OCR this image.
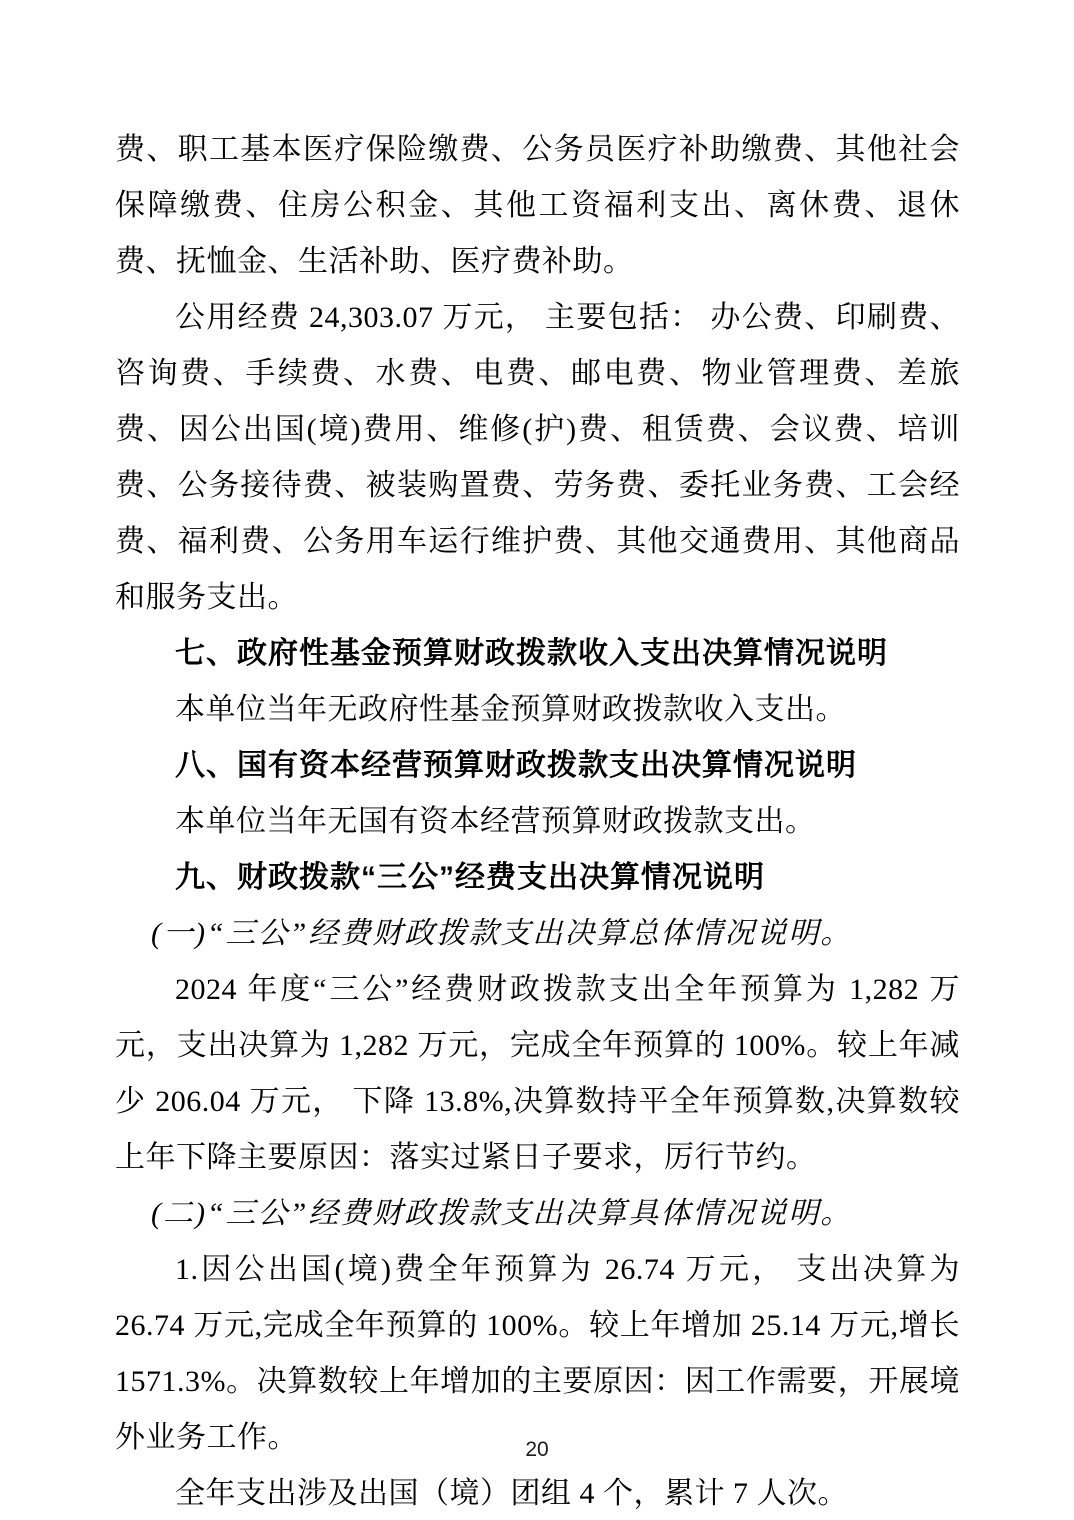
费、职工基本医疗保险缴费、公务员医疗补助缴费、其他社会保障缴费、住房公积金、其他工资福利支出、离休费、退休费、抚恤金、生活补助、医疗费补助。

公用经费 24,303.07 万元， 主要包括： 办公费、印刷费、咨询费、手续费、水费、电费、邮电费、物业管理费、差旅费、因公出国(境)费用、维修(护)费、租赁费、会议费、培训费、公务接待费、被装购置费、劳务费、委托业务费、工会经费、福利费、公务用车运行维护费、其他交通费用、其他商品和服务支出。

七、政府性基金预算财政拨款收入支出决算情况说明

本单位当年无政府性基金预算财政拨款收入支出。

八、国有资本经营预算财政拨款支出决算情况说明

本单位当年无国有资本经营预算财政拨款支出。

九、财政拨款“三公”经费支出决算情况说明

(一)“三公”经费财政拨款支出决算总体情况说明。

2024 年度“三公”经费财政拨款支出全年预算为 1,282 万元，支出决算为 1,282 万元，完成全年预算的 100%。较上年减少 206.04 万元， 下降 13.8%,决算数持平全年预算数,决算数较上年下降主要原因：落实过紧日子要求，厉行节约。

(二)“三公”经费财政拨款支出决算具体情况说明。

1.因公出国(境)费全年预算为 26.74 万元， 支出决算为 26.74 万元,完成全年预算的 100%。较上年增加 25.14 万元,增长 1571.3%。决算数较上年增加的主要原因：因工作需要，开展境外业务工作。

全年支出涉及出国（境）团组 4 个，累计 7 人次。

20
